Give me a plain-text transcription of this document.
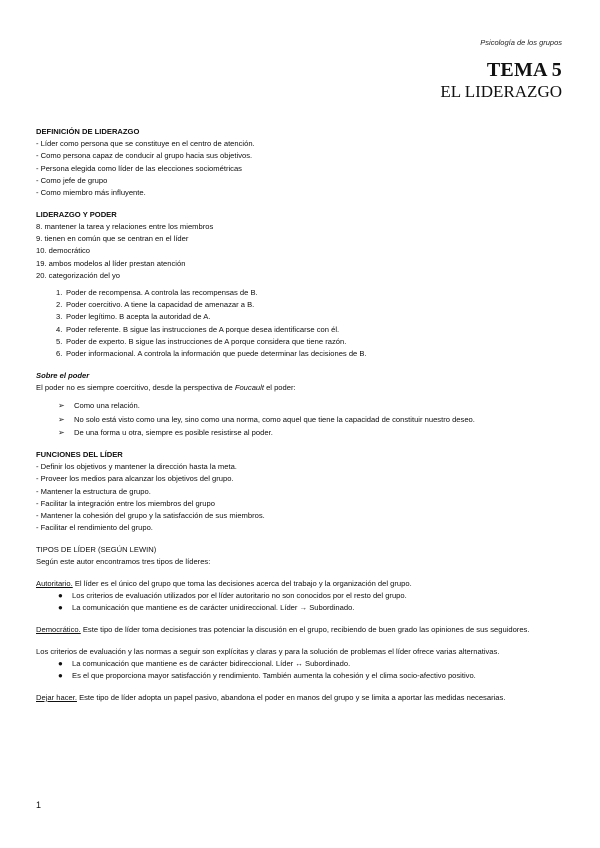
Psicología de los grupos
TEMA 5
EL LIDERAZGO
DEFINICIÓN DE LIDERAZGO
- Líder como persona que se constituye en el centro de atención.
- Como persona capaz de conducir al grupo hacia sus objetivos.
- Persona elegida como líder de las elecciones sociométricas
- Como jefe de grupo
- Como miembro más influyente.
LIDERAZGO Y PODER
8. mantener la tarea y relaciones entre los miembros
9. tienen en común que se centran en el líder
10. democrático
19. ambos modelos al líder prestan atención
20. categorización del yo
1. Poder de recompensa. A controla las recompensas de B.
2. Poder coercitivo. A tiene la capacidad de amenazar a B.
3. Poder legítimo. B acepta la autoridad de A.
4. Poder referente. B sigue las instrucciones de A porque desea identificarse con él.
5. Poder de experto. B sigue las instrucciones de A porque considera que tiene razón.
6. Poder informacional. A controla la información que puede determinar las decisiones de B.
Sobre el poder
El poder no es siempre coercitivo, desde la perspectiva de Foucault el poder:
➢ Como una relación.
➢ No solo está visto como una ley, sino como una norma, como aquel que tiene la capacidad de constituir nuestro deseo.
➢ De una forma u otra, siempre es posible resistirse al poder.
FUNCIONES DEL LÍDER
- Definir los objetivos y mantener la dirección hasta la meta.
- Proveer los medios para alcanzar los objetivos del grupo.
- Mantener la estructura de grupo.
- Facilitar la integración entre los miembros del grupo
- Mantener la cohesión del grupo y la satisfacción de sus miembros.
- Facilitar el rendimiento del grupo.
TIPOS DE LÍDER (SEGÚN LEWIN)
Según este autor encontramos tres tipos de líderes:
Autoritario. El líder es el único del grupo que toma las decisiones acerca del trabajo y la organización del grupo.
● Los criterios de evaluación utilizados por el líder autoritario no son conocidos por el resto del grupo.
● La comunicación que mantiene es de carácter unidireccional. Líder → Subordinado.
Democrático. Este tipo de líder toma decisiones tras potenciar la discusión en el grupo, recibiendo de buen grado las opiniones de sus seguidores.
Los criterios de evaluación y las normas a seguir son explícitas y claras y para la solución de problemas el líder ofrece varias alternativas.
● La comunicación que mantiene es de carácter bidireccional. Líder ↔ Subordinado.
● Es el que proporciona mayor satisfacción y rendimiento. También aumenta la cohesión y el clima socio-afectivo positivo.
Dejar hacer. Este tipo de líder adopta un papel pasivo, abandona el poder en manos del grupo y se limita a aportar las medidas necesarias.
1
